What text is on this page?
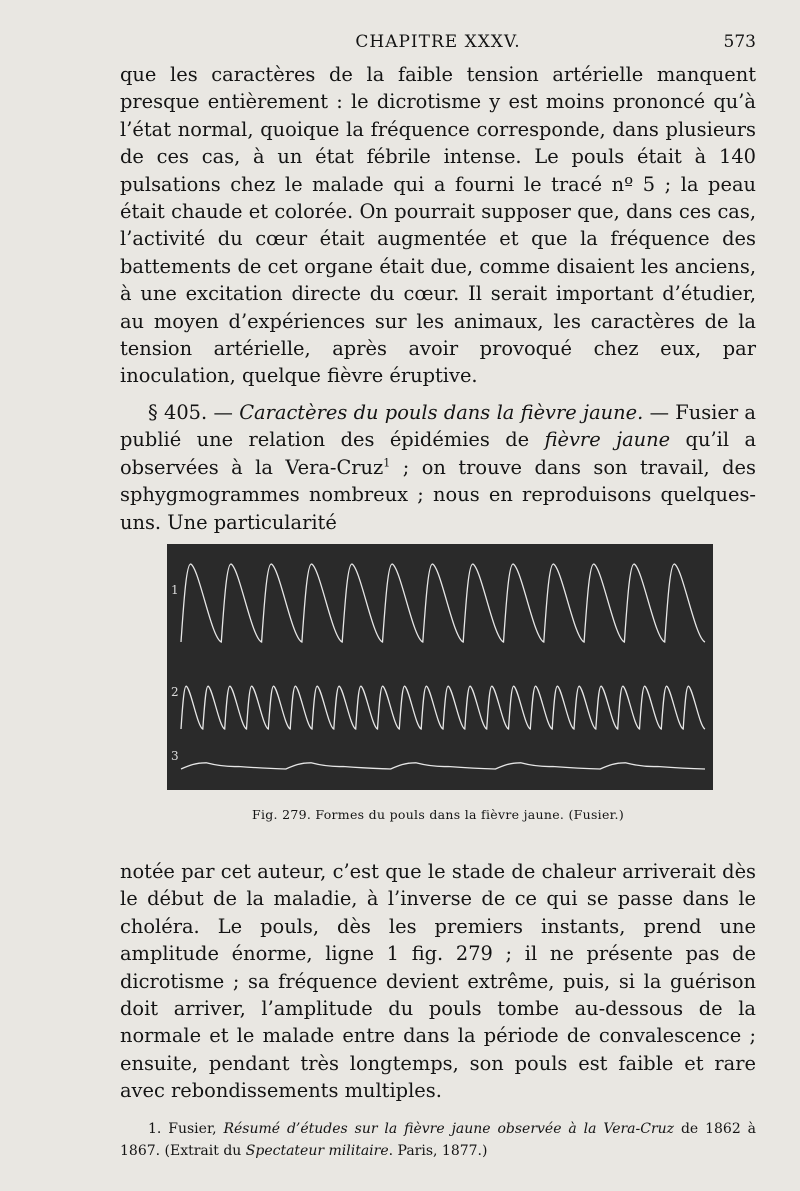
CHAPITRE XXXV.	573

que les caractères de la faible tension artérielle manquent presque entièrement : le dicrotisme y est moins prononcé qu’à l’état normal, quoique la fréquence corresponde, dans plusieurs de ces cas, à un état fébrile intense. Le pouls était à 140 pulsations chez le malade qui a fourni le tracé nº 5 ; la peau était chaude et colorée. On pourrait supposer que, dans ces cas, l’activité du cœur était augmentée et que la fréquence des battements de cet organe était due, comme disaient les anciens, à une excitation directe du cœur. Il serait important d’étudier, au moyen d’expériences sur les animaux, les caractères de la tension artérielle, après avoir provoqué chez eux, par inoculation, quelque fièvre éruptive.

§ 405. — Caractères du pouls dans la fièvre jaune. — Fusier a publié une relation des épidémies de fièvre jaune qu’il a observées à la Vera-Cruz$^1$ ; on trouve dans son travail, des sphygmogrammes nombreux ; nous en reproduisons quelques-uns. Une particularité

1
2
3
Fig. 279. Formes du pouls dans la fièvre jaune. (Fusier.)

notée par cet auteur, c’est que le stade de chaleur arriverait dès le début de la maladie, à l’inverse de ce qui se passe dans le choléra. Le pouls, dès les premiers instants, prend une amplitude énorme, ligne 1 fig. 279 ; il ne présente pas de dicrotisme ; sa fréquence devient extrême, puis, si la guérison doit arriver, l’amplitude du pouls tombe au-dessous de la normale et le malade entre dans la période de convalescence ; ensuite, pendant très longtemps, son pouls est faible et rare avec rebondissements multiples.

1. Fusier, Résumé d’études sur la fièvre jaune observée à la Vera-Cruz de 1862 à 1867. (Extrait du Spectateur militaire. Paris, 1877.)
